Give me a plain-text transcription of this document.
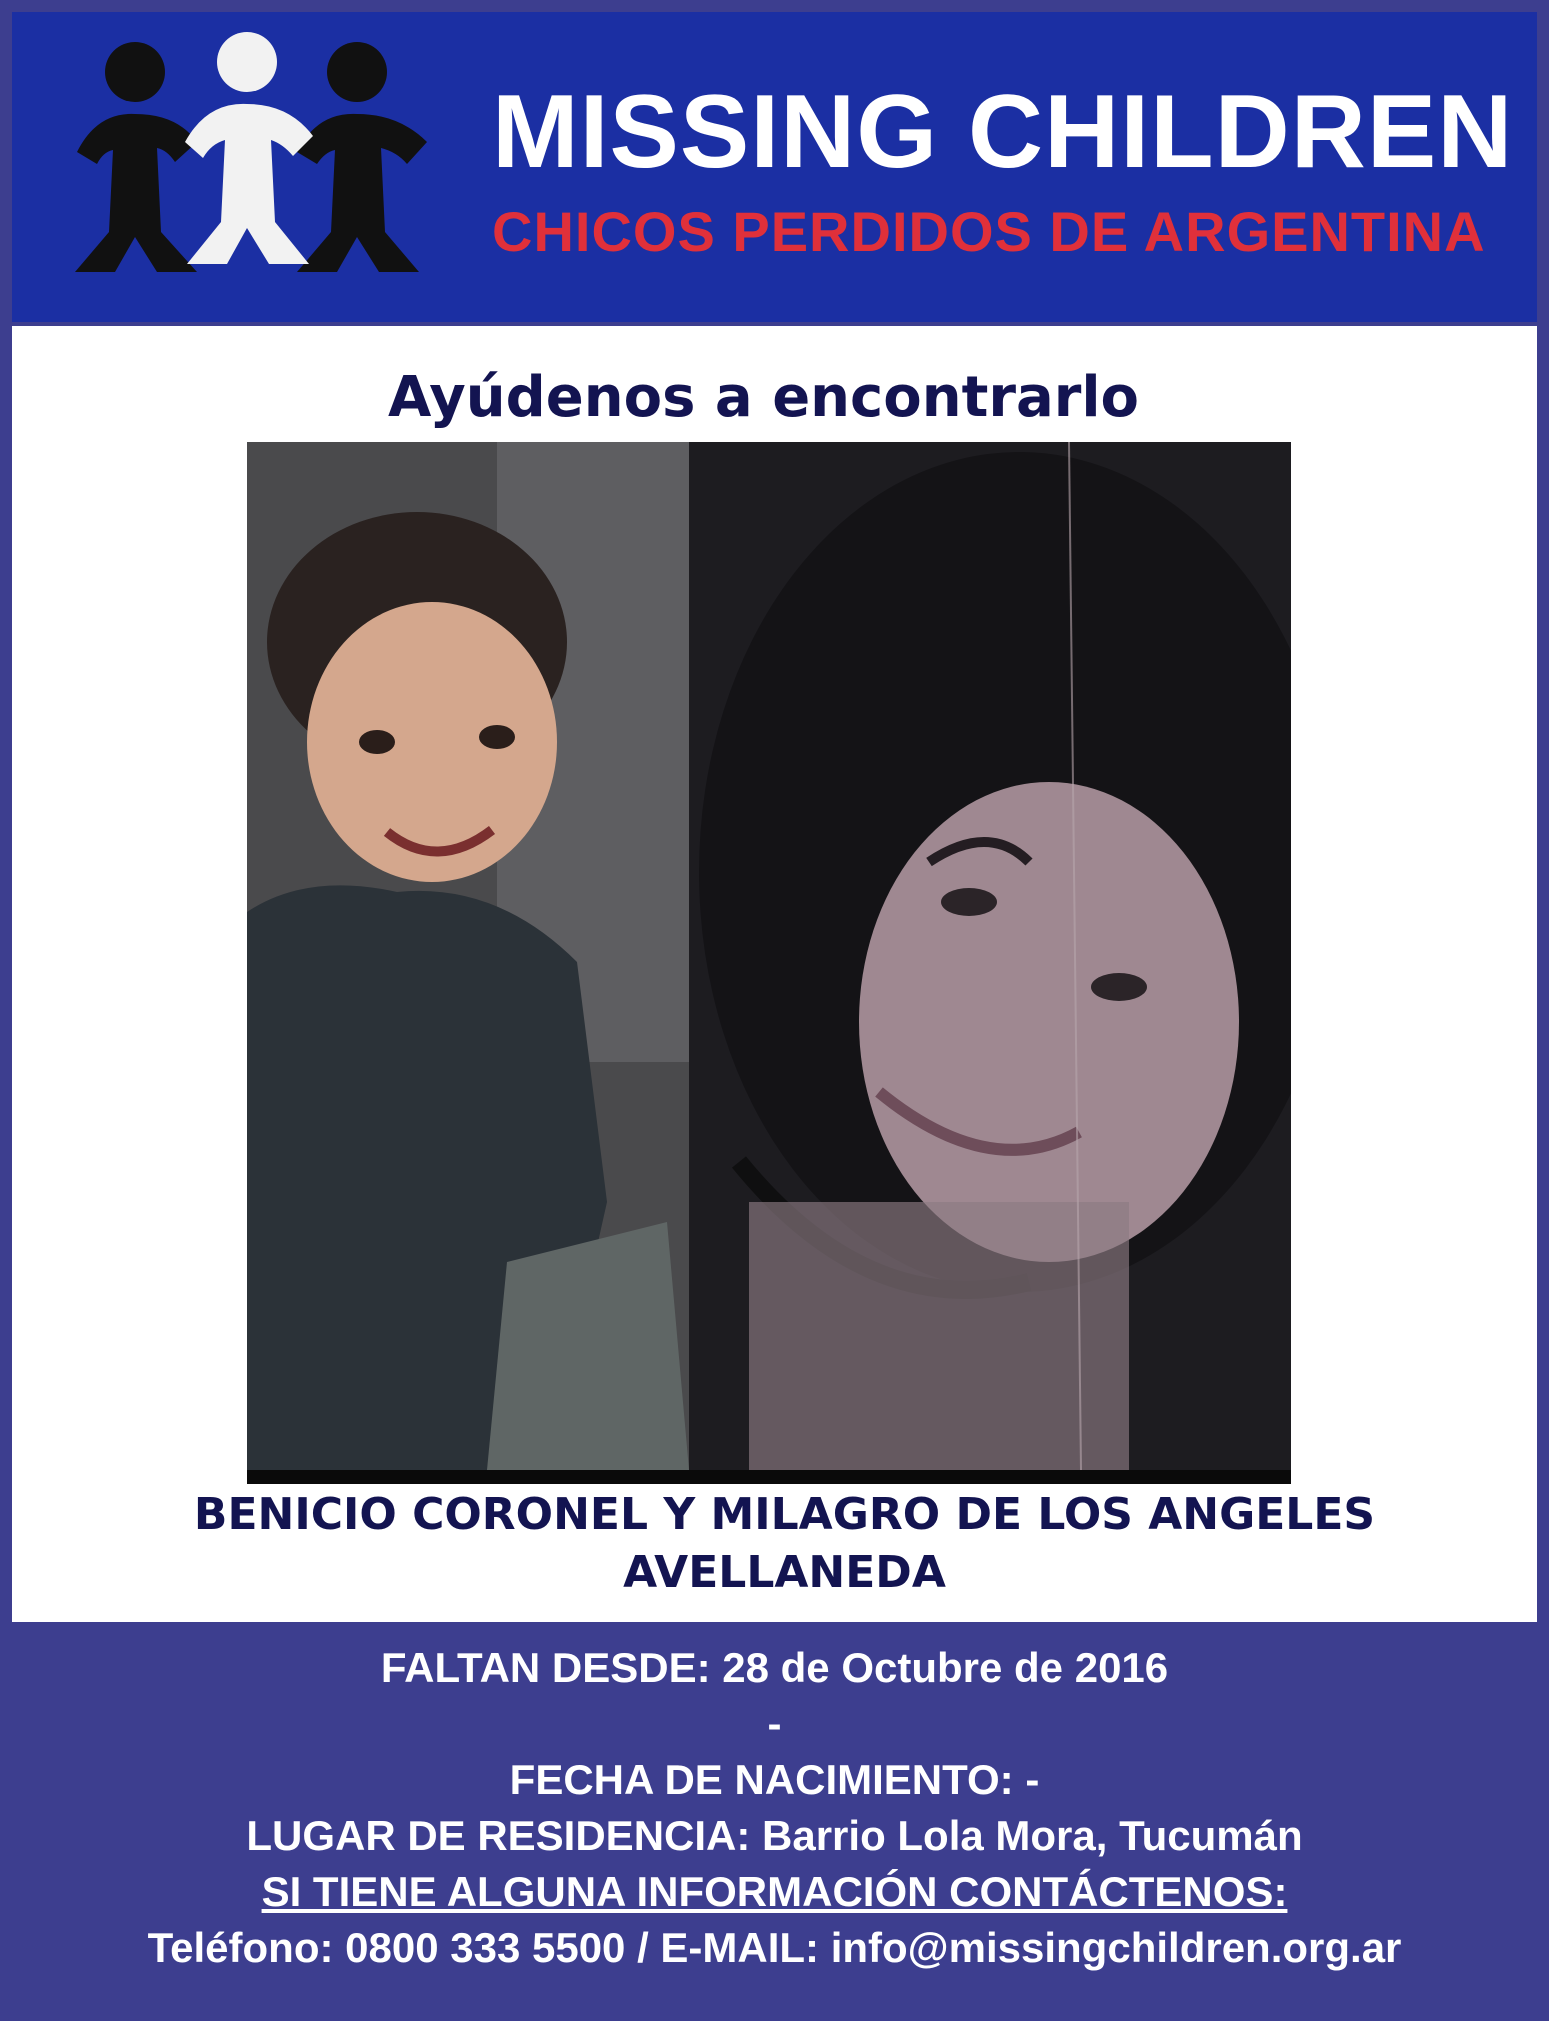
MISSING CHILDREN
CHICOS PERDIDOS DE ARGENTINA
Ayúdenos a encontrarlo
BENICIO CORONEL Y MILAGRO DE LOS ANGELES
AVELLANEDA
FALTAN DESDE: 28 de Octubre de 2016
-
FECHA DE NACIMIENTO: -
LUGAR DE RESIDENCIA: Barrio Lola Mora, Tucumán
SI TIENE ALGUNA INFORMACIÓN CONTÁCTENOS:
Teléfono: 0800 333 5500 / E-MAIL: info@missingchildren.org.ar
